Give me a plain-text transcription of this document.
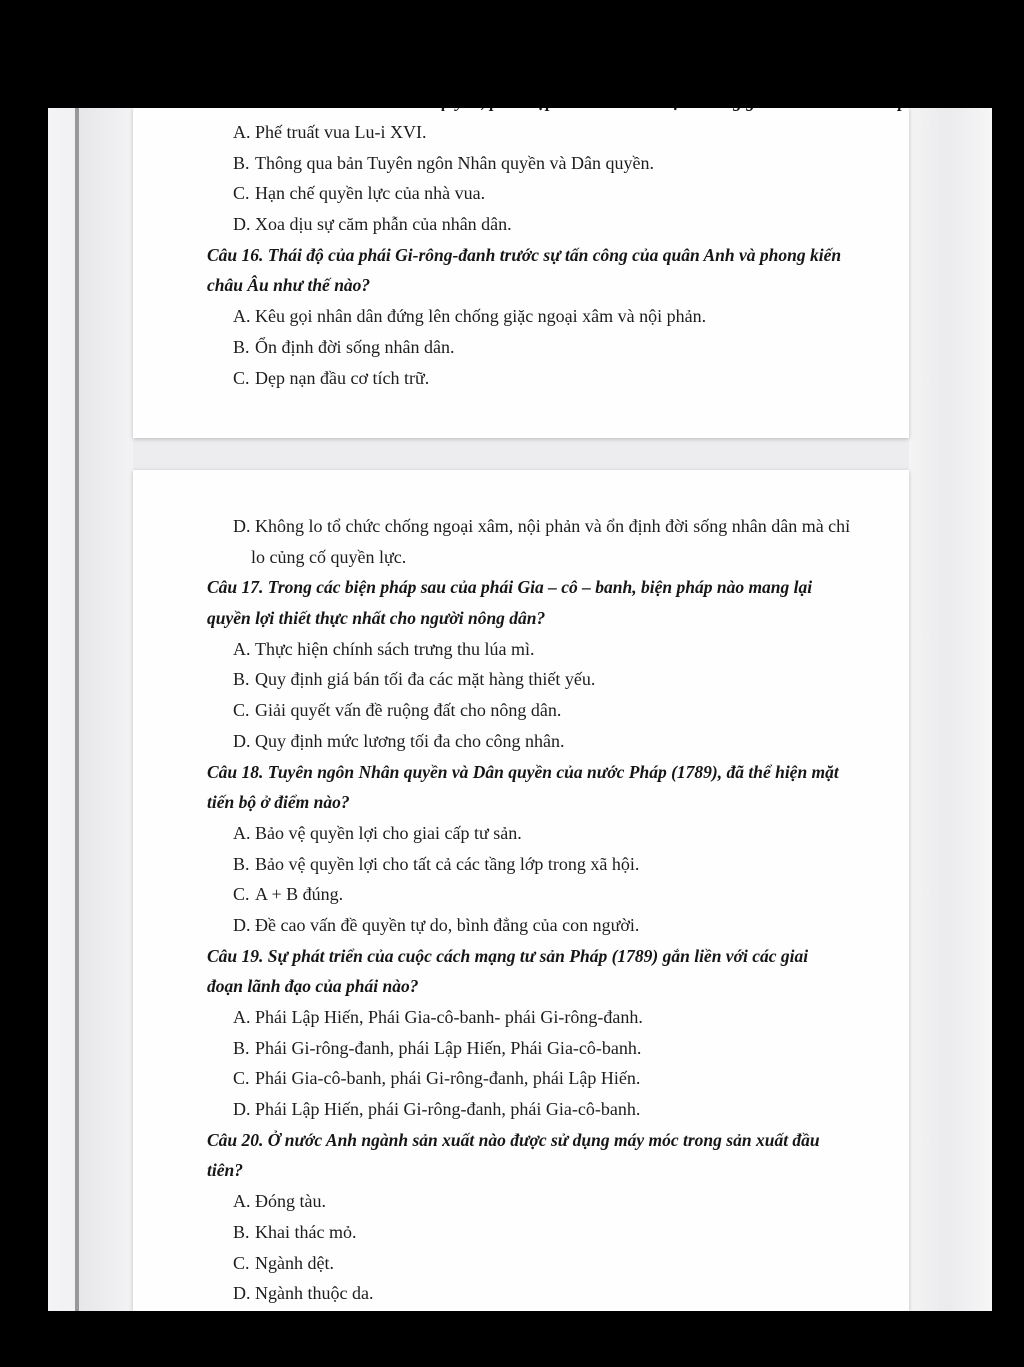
A. Phế truất vua Lu-i XVI.
B. Thông qua bản Tuyên ngôn Nhân quyền và Dân quyền.
C. Hạn chế quyền lực của nhà vua.
D. Xoa dịu sự căm phẫn của nhân dân.
Câu 16. Thái độ của phái Gi-rông-đanh trước sự tấn công của quân Anh và phong kiến
châu Âu như thế nào?
A. Kêu gọi nhân dân đứng lên chống giặc ngoại xâm và nội phản.
B. Ổn định đời sống nhân dân.
C. Dẹp nạn đầu cơ tích trữ.
D. Không lo tổ chức chống ngoại xâm, nội phản và ổn định đời sống nhân dân mà chỉ
lo củng cố quyền lực.
Câu 17. Trong các biện pháp sau của phái Gia – cô – banh, biện pháp nào mang lại
quyền lợi thiết thực nhất cho người nông dân?
A. Thực hiện chính sách trưng thu lúa mì.
B. Quy định giá bán tối đa các mặt hàng thiết yếu.
C. Giải quyết vấn đề ruộng đất cho nông dân.
D. Quy định mức lương tối đa cho công nhân.
Câu 18. Tuyên ngôn Nhân quyền và Dân quyền của nước Pháp (1789), đã thể hiện mặt
tiến bộ ở điểm nào?
A. Bảo vệ quyền lợi cho giai cấp tư sản.
B. Bảo vệ quyền lợi cho tất cả các tầng lớp trong xã hội.
C. A + B đúng.
D. Đề cao vấn đề quyền tự do, bình đẳng của con người.
Câu 19. Sự phát triển của cuộc cách mạng tư sản Pháp (1789) gắn liền với các giai
đoạn lãnh đạo của phái nào?
A. Phái Lập Hiến, Phái Gia-cô-banh- phái Gi-rông-đanh.
B. Phái Gi-rông-đanh, phái Lập Hiến, Phái Gia-cô-banh.
C. Phái Gia-cô-banh, phái Gi-rông-đanh, phái Lập Hiến.
D. Phái Lập Hiến, phái Gi-rông-đanh, phái Gia-cô-banh.
Câu 20. Ở nước Anh ngành sản xuất nào được sử dụng máy móc trong sản xuất đầu
tiên?
A. Đóng tàu.
B. Khai thác mỏ.
C. Ngành dệt.
D. Ngành thuộc da.
